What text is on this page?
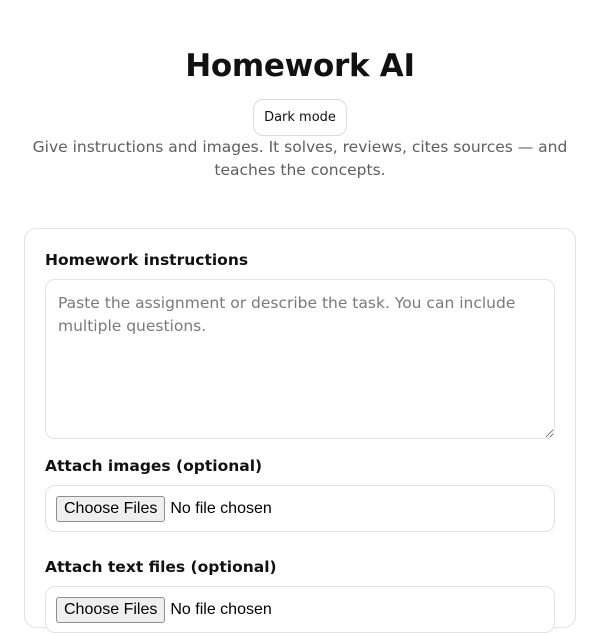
Homework AI
Dark mode

Give instructions and images. It solves, reviews, cites sources — and teaches the concepts.

Homework instructions
Paste the assignment or describe the task. You can include multiple questions.
Attach images (optional)
Choose Files No file chosen
Attach text files (optional)
Choose Files No file chosen
